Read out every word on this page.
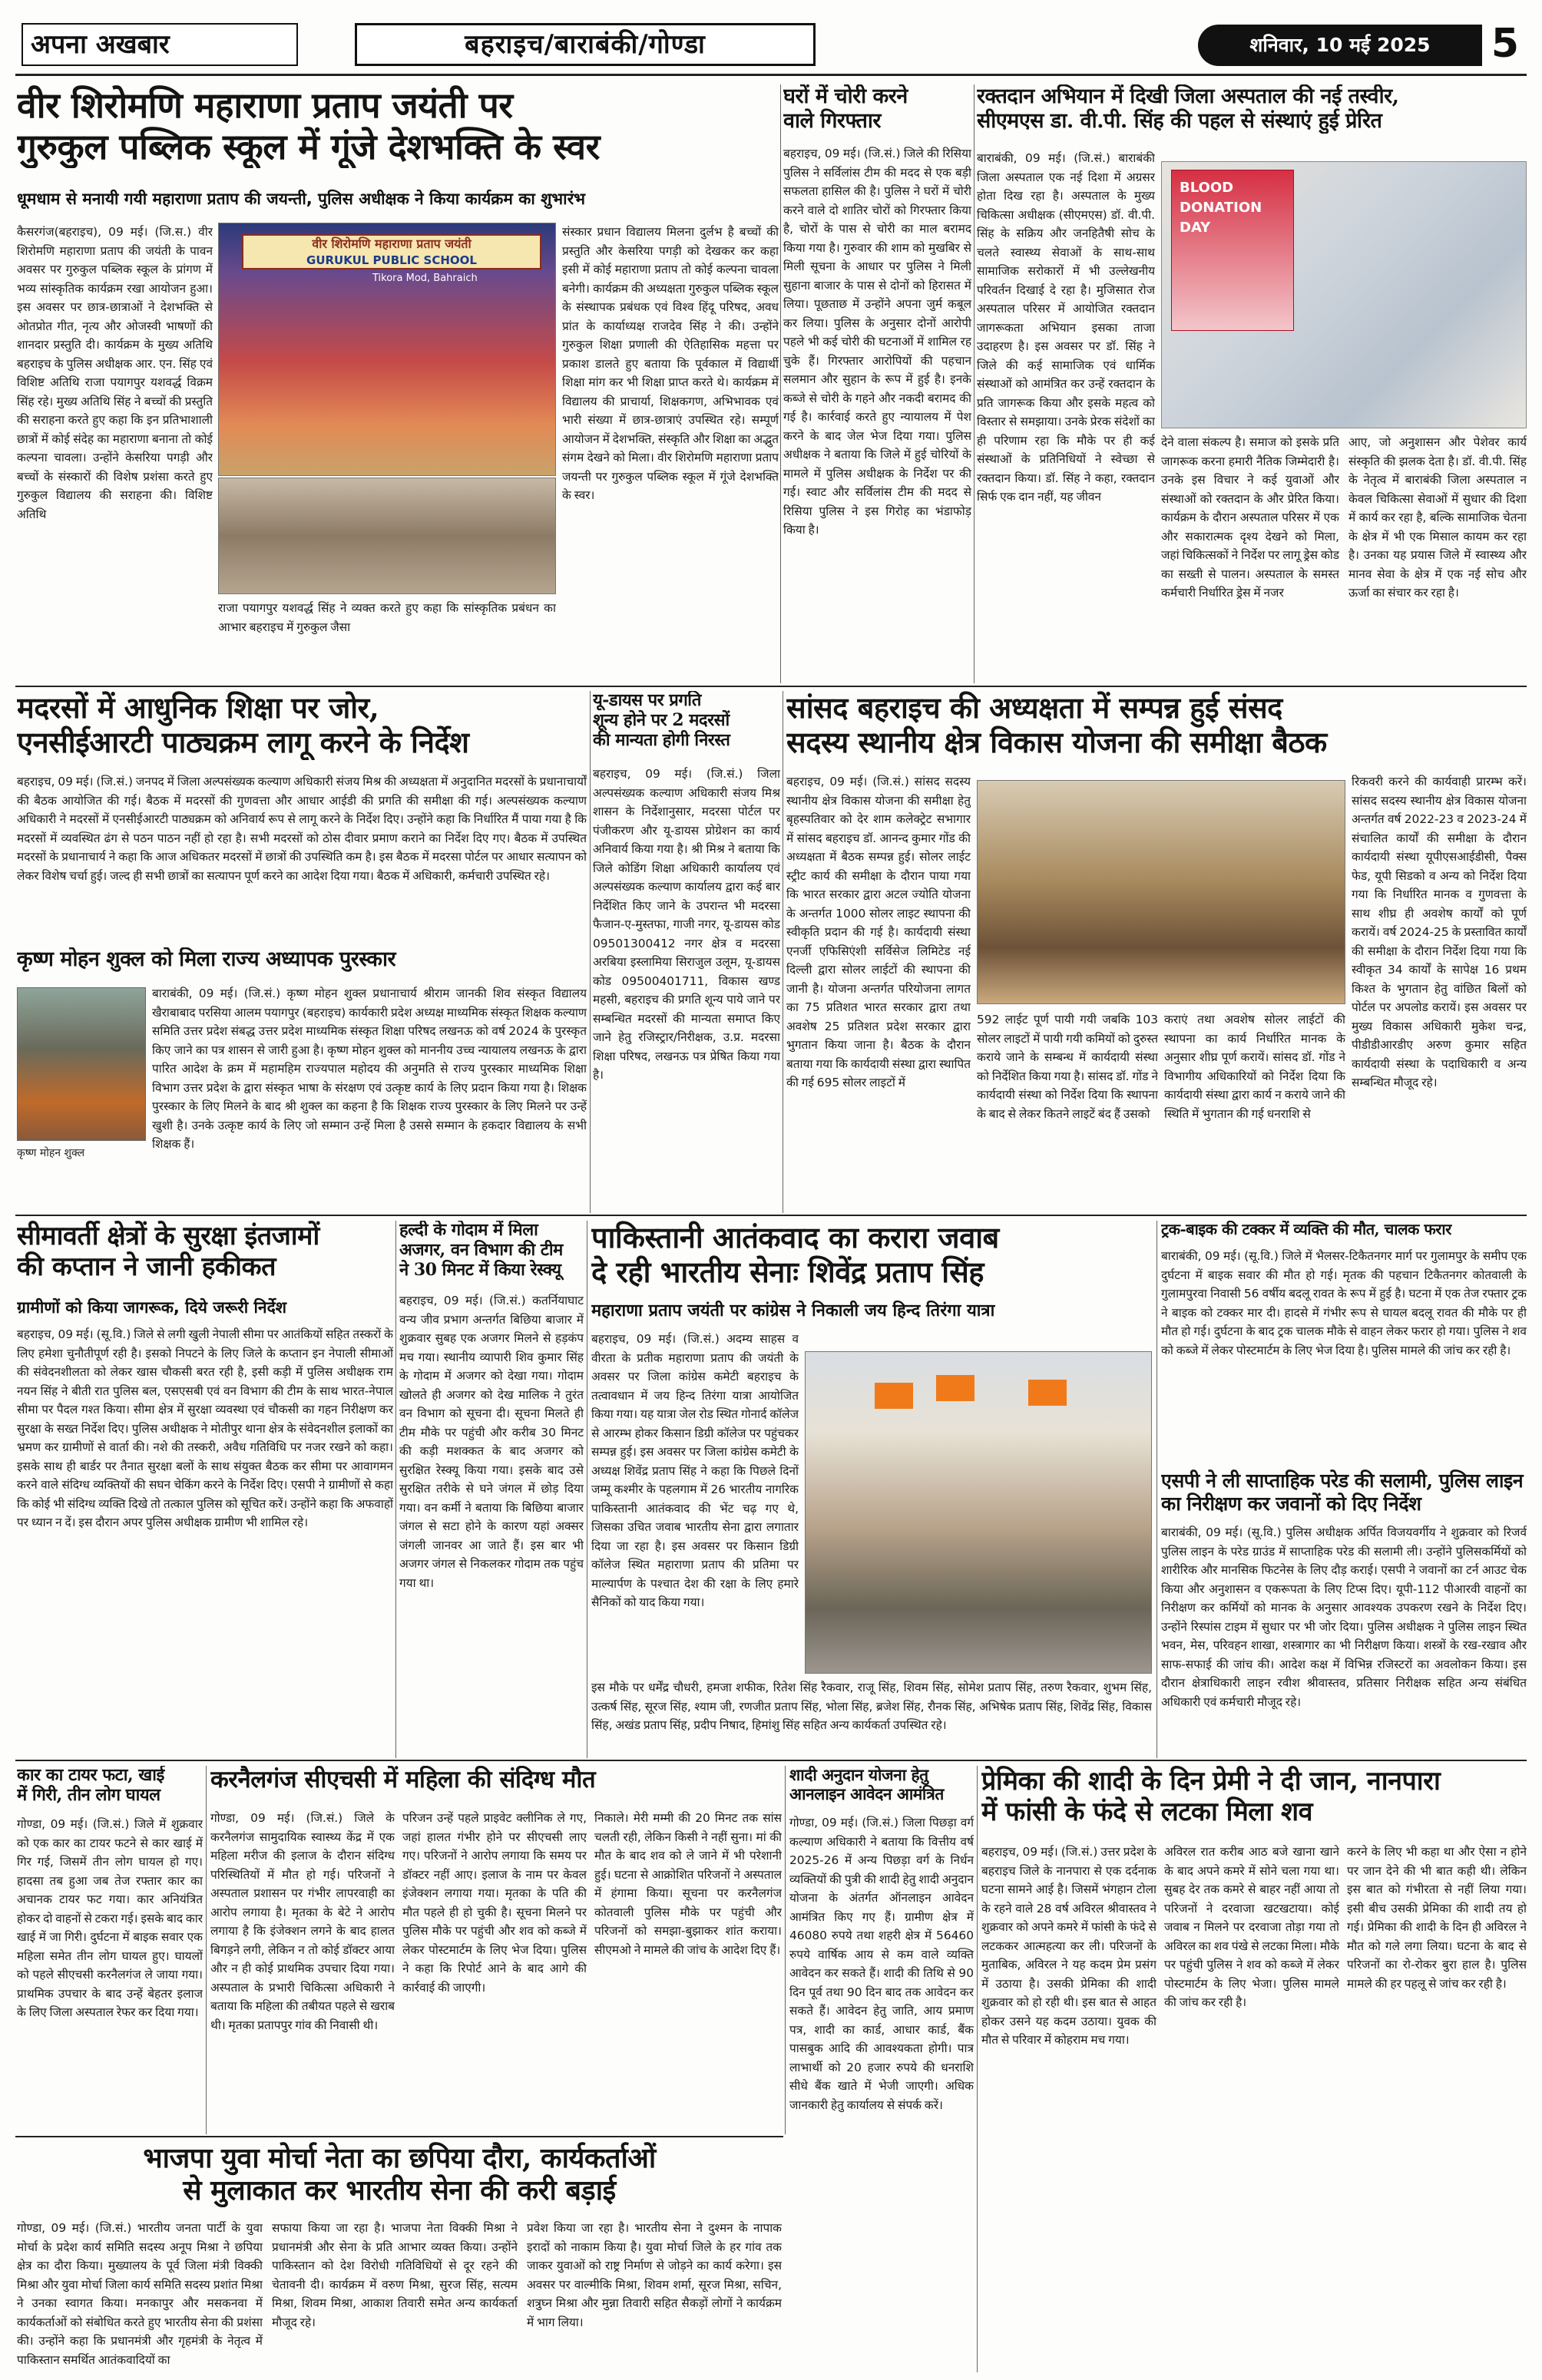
अपना अखबार	बहराइच/बाराबंकी/गोण्डा	शनिवार, 10 मई 2025	5
वीर शिरोमणि महाराणा प्रताप जयंती पर
गुरुकुल पब्लिक स्कूल में गूंजे देशभक्ति के स्वर
धूमधाम से मनायी गयी महाराणा प्रताप की जयन्ती, पुलिस अधीक्षक ने किया कार्यक्रम का शुभारंभ
कैसरगंज(बहराइच), 09 मई। (जि.स.) वीर शिरोमणि महाराणा प्रताप की जयंती के पावन अवसर पर गुरुकुल पब्लिक स्कूल के प्रांगण में भव्य सांस्कृतिक कार्यक्रम रखा आयोजन हुआ। इस अवसर पर छात्र-छात्राओं ने देशभक्ति से ओतप्रोत गीत, नृत्य और ओजस्वी भाषणों की शानदार प्रस्तुति दी। कार्यक्रम के मुख्य अतिथि बहराइच के पुलिस अधीक्षक आर. एन. सिंह एवं विशिष्ट अतिथि राजा पयागपुर यशवर्द्ध विक्रम सिंह रहे। मुख्य अतिथि सिंह ने बच्चों की प्रस्तुति की सराहना करते हुए कहा कि इन प्रतिभाशाली छात्रों में कोई संदेह का महाराणा बनाना तो कोई कल्पना चावला। उन्होंने केसरिया पगड़ी और बच्चों के संस्कारों की विशेष प्रशंसा करते हुए गुरुकुल विद्यालय की सराहना की। विशिष्ट अतिथि
वीर शिरोमणि महाराणा प्रताप जयंती
GURUKUL PUBLIC SCHOOL
Tikora Mod, Bahraich
राजा पयागपुर यशवर्द्ध सिंह ने व्यक्त करते हुए कहा कि सांस्कृतिक प्रबंधन का आभार बहराइच में गुरुकुल जैसा
संस्कार प्रधान विद्यालय मिलना दुर्लभ है बच्चों की प्रस्तुति और केसरिया पगड़ी को देखकर कर कहा इसी में कोई महाराणा प्रताप तो कोई कल्पना चावला बनेगी। कार्यक्रम की अध्यक्षता गुरुकुल पब्लिक स्कूल के संस्थापक प्रबंधक एवं विश्व हिंदू परिषद, अवध प्रांत के कार्याध्यक्ष राजदेव सिंह ने की। उन्होंने गुरुकुल शिक्षा प्रणाली की ऐतिहासिक महत्ता पर प्रकाश डालते हुए बताया कि पूर्वकाल में विद्यार्थी शिक्षा मांग कर भी शिक्षा प्राप्त करते थे। कार्यक्रम में विद्यालय की प्राचार्या, शिक्षकगण, अभिभावक एवं भारी संख्या में छात्र-छात्राएं उपस्थित रहे। सम्पूर्ण आयोजन में देशभक्ति, संस्कृति और शिक्षा का अद्भुत संगम देखने को मिला। वीर शिरोमणि महाराणा प्रताप जयन्ती पर गुरुकुल पब्लिक स्कूल में गूंजे देशभक्ति के स्वर।
घरों में चोरी करने
वाले गिरफ्तार
बहराइच, 09 मई। (जि.सं.) जिले की रिसिया पुलिस ने सर्विलांस टीम की मदद से एक बड़ी सफलता हासिल की है। पुलिस ने घरों में चोरी करने वाले दो शातिर चोरों को गिरफ्तार किया है, चोरों के पास से चोरी का माल बरामद किया गया है। गुरुवार की शाम को मुखबिर से मिली सूचना के आधार पर पुलिस ने मिली सुहाना बाजार के पास से दोनों को हिरासत में लिया। पूछताछ में उन्होंने अपना जुर्म कबूल कर लिया। पुलिस के अनुसार दोनों आरोपी पहले भी कई चोरी की घटनाओं में शामिल रह चुके हैं। गिरफ्तार आरोपियों की पहचान सलमान और सुहान के रूप में हुई है। इनके कब्जे से चोरी के गहने और नकदी बरामद की गई है। कार्रवाई करते हुए न्यायालय में पेश करने के बाद जेल भेज दिया गया। पुलिस अधीक्षक ने बताया कि जिले में हुई चोरियों के मामले में पुलिस अधीक्षक के निर्देश पर की गई। स्वाट और सर्विलांस टीम की मदद से रिसिया पुलिस ने इस गिरोह का भंडाफोड़ किया है।
रक्तदान अभियान में दिखी जिला अस्पताल की नई तस्वीर,
सीएमएस डा. वी.पी. सिंह की पहल से संस्थाएं हुई प्रेरित
बाराबंकी, 09 मई। (जि.सं.) बाराबंकी जिला अस्पताल एक नई दिशा में अग्रसर होता दिख रहा है। अस्पताल के मुख्य चिकित्सा अधीक्षक (सीएमएस) डॉ. वी.पी. सिंह के सक्रिय और जनहितैषी सोच के चलते स्वास्थ्य सेवाओं के साथ-साथ सामाजिक सरोकारों में भी उल्लेखनीय परिवर्तन दिखाई दे रहा है। मुजिसात रोज अस्पताल परिसर में आयोजित रक्तदान जागरूकता अभियान इसका ताजा उदाहरण है। इस अवसर पर डॉ. सिंह ने जिले की कई सामाजिक एवं धार्मिक संस्थाओं को आमंत्रित कर उन्हें रक्तदान के प्रति जागरूक किया और इसके महत्व को विस्तार से समझाया। उनके प्रेरक संदेशों का ही परिणाम रहा कि मौके पर ही कई संस्थाओं के प्रतिनिधियों ने स्वेच्छा से रक्तदान किया। डॉ. सिंह ने कहा, रक्तदान सिर्फ एक दान नहीं, यह जीवन
BLOOD DONATION DAY
देने वाला संकल्प है। समाज को इसके प्रति जागरूक करना हमारी नैतिक जिम्मेदारी है। उनके इस विचार ने कई युवाओं और संस्थाओं को रक्तदान के और प्रेरित किया। कार्यक्रम के दौरान अस्पताल परिसर में एक और सकारात्मक दृश्य देखने को मिला, जहां चिकित्सकों ने निर्देश पर लागू ड्रेस कोड का सख्ती से पालन। अस्पताल के समस्त कर्मचारी निर्धारित ड्रेस में नजर
आए, जो अनुशासन और पेशेवर कार्य संस्कृति की झलक देता है। डॉ. वी.पी. सिंह के नेतृत्व में बाराबंकी जिला अस्पताल न केवल चिकित्सा सेवाओं में सुधार की दिशा में कार्य कर रहा है, बल्कि सामाजिक चेतना के क्षेत्र में भी एक मिसाल कायम कर रहा है। उनका यह प्रयास जिले में स्वास्थ्य और मानव सेवा के क्षेत्र में एक नई सोच और ऊर्जा का संचार कर रहा है।
मदरसों में आधुनिक शिक्षा पर जोर,
एनसीईआरटी पाठ्यक्रम लागू करने के निर्देश
बहराइच, 09 मई। (जि.सं.) जनपद में जिला अल्पसंख्यक कल्याण अधिकारी संजय मिश्र की अध्यक्षता में अनुदानित मदरसों के प्रधानाचार्यों की बैठक आयोजित की गई। बैठक में मदरसों की गुणवत्ता और आधार आईडी की प्रगति की समीक्षा की गई। अल्पसंख्यक कल्याण अधिकारी ने मदरसों में एनसीईआरटी पाठ्यक्रम को अनिवार्य रूप से लागू करने के निर्देश दिए। उन्होंने कहा कि निर्धारित मैं पाया गया है कि मदरसों में व्यवस्थित ढंग से पठन पाठन नहीं हो रहा है। सभी मदरसों को ठोस दीवार प्रमाण कराने का निर्देश दिए गए। बैठक में उपस्थित मदरसों के प्रधानाचार्य ने कहा कि आज अधिकतर मदरसों में छात्रों की उपस्थिति कम है। इस बैठक में मदरसा पोर्टल पर आधार सत्यापन को लेकर विशेष चर्चा हुई। जल्द ही सभी छात्रों का सत्यापन पूर्ण करने का आदेश दिया गया। बैठक में अधिकारी, कर्मचारी उपस्थित रहे।
कृष्ण मोहन शुक्ल को मिला राज्य अध्यापक पुरस्कार
कृष्ण मोहन शुक्ल
बाराबंकी, 09 मई। (जि.सं.) कृष्ण मोहन शुक्ल प्रधानाचार्य श्रीराम जानकी शिव संस्कृत विद्यालय खैराबाबाद परसिया आलम पयागपुर (बहराइच) कार्यकारी प्रदेश अध्यक्ष माध्यमिक संस्कृत शिक्षक कल्याण समिति उत्तर प्रदेश संबद्ध उत्तर प्रदेश माध्यमिक संस्कृत शिक्षा परिषद लखनऊ को वर्ष 2024 के पुरस्कृत किए जाने का पत्र शासन से जारी हुआ है। कृष्ण मोहन शुक्ल को माननीय उच्च न्यायालय लखनऊ के द्वारा पारित आदेश के क्रम में महामहिम राज्यपाल महोदय की अनुमति से राज्य पुरस्कार माध्यमिक शिक्षा विभाग उत्तर प्रदेश के द्वारा संस्कृत भाषा के संरक्षण एवं उत्कृष्ट कार्य के लिए प्रदान किया गया है। शिक्षक पुरस्कार के लिए मिलने के बाद श्री शुक्ल का कहना है कि शिक्षक राज्य पुरस्कार के लिए मिलने पर उन्हें खुशी है। उनके उत्कृष्ट कार्य के लिए जो सम्मान उन्हें मिला है उससे सम्मान के हकदार विद्यालय के सभी शिक्षक हैं।
यू-डायस पर प्रगति
शून्य होने पर 2 मदरसों
की मान्यता होगी निरस्त
बहराइच, 09 मई। (जि.सं.) जिला अल्पसंख्यक कल्याण अधिकारी संजय मिश्र शासन के निर्देशानुसार, मदरसा पोर्टल पर पंजीकरण और यू-डायस प्रोग्रेशन का कार्य अनिवार्य किया गया है। श्री मिश्र ने बताया कि जिले कोडिंग शिक्षा अधिकारी कार्यालय एवं अल्पसंख्यक कल्याण कार्यालय द्वारा कई बार निर्देशित किए जाने के उपरान्त भी मदरसा फैजान-ए-मुस्तफा, गाजी नगर, यू-डायस कोड 09501300412 नगर क्षेत्र व मदरसा अरबिया इस्लामिया सिराजुल उलूम, यू-डायस कोड 09500401711, विकास खण्ड महसी, बहराइच की प्रगति शून्य पाये जाने पर सम्बन्धित मदरसों की मान्यता समाप्त किए जाने हेतु रजिस्ट्रार/निरीक्षक, उ.प्र. मदरसा शिक्षा परिषद, लखनऊ पत्र प्रेषित किया गया है।
सांसद बहराइच की अध्यक्षता में सम्पन्न हुई संसद
सदस्य स्थानीय क्षेत्र विकास योजना की समीक्षा बैठक
बहराइच, 09 मई। (जि.सं.) सांसद सदस्य स्थानीय क्षेत्र विकास योजना की समीक्षा हेतु बृहस्पतिवार को देर शाम कलेक्ट्रेट सभागार में सांसद बहराइच डॉ. आनन्द कुमार गोंड की अध्यक्षता में बैठक सम्पन्न हुई। सोलर लाईट स्ट्रीट कार्य की समीक्षा के दौरान पाया गया कि भारत सरकार द्वारा अटल ज्योति योजना के अन्तर्गत 1000 सोलर लाइट स्थापना की स्वीकृति प्रदान की गई है। कार्यदायी संस्था एनर्जी एफिसिएंशी सर्विसेज लिमिटेड नई दिल्ली द्वारा सोलर लाईटों की स्थापना की जानी है। योजना अन्तर्गत परियोजना लागत का 75 प्रतिशत भारत सरकार द्वारा तथा अवशेष 25 प्रतिशत प्रदेश सरकार द्वारा भुगतान किया जाना है। बैठक के दौरान बताया गया कि कार्यदायी संस्था द्वारा स्थापित की गई 695 सोलर लाइटों में
592 लाईट पूर्ण पायी गयी जबकि 103 सोलर लाइटों में पायी गयी कमियों को दुरुस्त कराये जाने के सम्बन्ध में कार्यदायी संस्था को निर्देशित किया गया है। सांसद डॉ. गोंड ने कार्यदायी संस्था को निर्देश दिया कि स्थापना के बाद से लेकर कितने लाइटें बंद हैं उसको
कराएं तथा अवशेष सोलर लाईटों की स्थापना का कार्य निर्धारित मानक के अनुसार शीघ्र पूर्ण करायें। सांसद डॉ. गोंड ने विभागीय अधिकारियों को निर्देश दिया कि कार्यदायी संस्था द्वारा कार्य न कराये जाने की स्थिति में भुगतान की गई धनराशि से
रिकवरी करने की कार्यवाही प्रारम्भ करें। सांसद सदस्य स्थानीय क्षेत्र विकास योजना अन्तर्गत वर्ष 2022-23 व 2023-24 में संचालित कार्यों की समीक्षा के दौरान कार्यदायी संस्था यूपीएसआईडीसी, पैक्स फेड, यूपी सिडको व अन्य को निर्देश दिया गया कि निर्धारित मानक व गुणवत्ता के साथ शीघ्र ही अवशेष कार्यों को पूर्ण करायें। वर्ष 2024-25 के प्रस्तावित कार्यों की समीक्षा के दौरान निर्देश दिया गया कि स्वीकृत 34 कार्यों के सापेक्ष 16 प्रथम किश्त के भुगतान हेतु वांछित बिलों को पोर्टल पर अपलोड करायें। इस अवसर पर मुख्य विकास अधिकारी मुकेश चन्द्र, पीडीडीआरडीए अरुण कुमार सहित कार्यदायी संस्था के पदाधिकारी व अन्य सम्बन्धित मौजूद रहे।
सीमावर्ती क्षेत्रों के सुरक्षा इंतजामों
की कप्तान ने जानी हकीकत
ग्रामीणों को किया जागरूक, दिये जरूरी निर्देश
बहराइच, 09 मई। (सू.वि.) जिले से लगी खुली नेपाली सीमा पर आतंकियों सहित तस्करों के लिए हमेशा चुनौतीपूर्ण रही है। इसको निपटने के लिए जिले के कप्तान इन नेपाली सीमाओं की संवेदनशीलता को लेकर खास चौकसी बरत रही है, इसी कड़ी में पुलिस अधीक्षक राम नयन सिंह ने बीती रात पुलिस बल, एसएसबी एवं वन विभाग की टीम के साथ भारत-नेपाल सीमा पर पैदल गश्त किया। सीमा क्षेत्र में सुरक्षा व्यवस्था एवं चौकसी का गहन निरीक्षण कर सुरक्षा के सख्त निर्देश दिए। पुलिस अधीक्षक ने मोतीपुर थाना क्षेत्र के संवेदनशील इलाकों का भ्रमण कर ग्रामीणों से वार्ता की। नशे की तस्करी, अवैध गतिविधि पर नजर रखने को कहा। इसके साथ ही बार्डर पर तैनात सुरक्षा बलों के साथ संयुक्त बैठक कर सीमा पर आवागमन करने वाले संदिग्ध व्यक्तियों की सघन चेकिंग करने के निर्देश दिए। एसपी ने ग्रामीणों से कहा कि कोई भी संदिग्ध व्यक्ति दिखे तो तत्काल पुलिस को सूचित करें। उन्होंने कहा कि अफवाहों पर ध्यान न दें। इस दौरान अपर पुलिस अधीक्षक ग्रामीण भी शामिल रहे।
हल्दी के गोदाम में मिला
अजगर, वन विभाग की टीम
ने 30 मिनट में किया रेस्क्यू
बहराइच, 09 मई। (जि.सं.) कतर्नियाघाट वन्य जीव प्रभाग अन्तर्गत बिछिया बाजार में शुक्रवार सुबह एक अजगर मिलने से हड़कंप मच गया। स्थानीय व्यापारी शिव कुमार सिंह के गोदाम में अजगर को देखा गया। गोदाम खोलते ही अजगर को देख मालिक ने तुरंत वन विभाग को सूचना दी। सूचना मिलते ही टीम मौके पर पहुंची और करीब 30 मिनट की कड़ी मशक्कत के बाद अजगर को सुरक्षित रेस्क्यू किया गया। इसके बाद उसे सुरक्षित तरीके से घने जंगल में छोड़ दिया गया। वन कर्मी ने बताया कि बिछिया बाजार जंगल से सटा होने के कारण यहां अक्सर जंगली जानवर आ जाते हैं। इस बार भी अजगर जंगल से निकलकर गोदाम तक पहुंच गया था।
पाकिस्तानी आतंकवाद का करारा जवाब
दे रही भारतीय सेनाः शिवेंद्र प्रताप सिंह
महाराणा प्रताप जयंती पर कांग्रेस ने निकाली जय हिन्द तिरंगा यात्रा
बहराइच, 09 मई। (जि.सं.) अदम्य साहस व वीरता के प्रतीक महाराणा प्रताप की जयंती के अवसर पर जिला कांग्रेस कमेटी बहराइच के तत्वावधान में जय हिन्द तिरंगा यात्रा आयोजित किया गया। यह यात्रा जेल रोड स्थित गोनार्द कॉलेज से आरम्भ होकर किसान डिग्री कॉलेज पर पहुंचकर सम्पन्न हुई। इस अवसर पर जिला कांग्रेस कमेटी के अध्यक्ष शिवेंद्र प्रताप सिंह ने कहा कि पिछले दिनों जम्मू कश्मीर के पहलगाम में 26 भारतीय नागरिक पाकिस्तानी आतंकवाद की भेंट चढ़ गए थे, जिसका उचित जवाब भारतीय सेना द्वारा लगातार दिया जा रहा है। इस अवसर पर किसान डिग्री कॉलेज स्थित महाराणा प्रताप की प्रतिमा पर माल्यार्पण के पश्चात देश की रक्षा के लिए हमारे सैनिकों को याद किया गया।
इस मौके पर धर्मेंद्र चौधरी, हमजा शफीक, रितेश सिंह रैकवार, राजू सिंह, शिवम सिंह, सोमेश प्रताप सिंह, तरुण रैकवार, शुभम सिंह, उत्कर्ष सिंह, सूरज सिंह, श्याम जी, रणजीत प्रताप सिंह, भोला सिंह, ब्रजेश सिंह, रौनक सिंह, अभिषेक प्रताप सिंह, शिवेंद्र सिंह, विकास सिंह, अखंड प्रताप सिंह, प्रदीप निषाद, हिमांशु सिंह सहित अन्य कार्यकर्ता उपस्थित रहे।
ट्रक-बाइक की टक्कर में व्यक्ति की मौत, चालक फरार
बाराबंकी, 09 मई। (सू.वि.) जिले में भैलसर-टिकैतनगर मार्ग पर गुलामपुर के समीप एक दुर्घटना में बाइक सवार की मौत हो गई। मृतक की पहचान टिकैतनगर कोतवाली के गुलामपुरवा निवासी 56 वर्षीय बदलू रावत के रूप में हुई है। घटना में एक तेज रफ्तार ट्रक ने बाइक को टक्कर मार दी। हादसे में गंभीर रूप से घायल बदलू रावत की मौके पर ही मौत हो गई। दुर्घटना के बाद ट्रक चालक मौके से वाहन लेकर फरार हो गया। पुलिस ने शव को कब्जे में लेकर पोस्टमार्टम के लिए भेज दिया है। पुलिस मामले की जांच कर रही है।
एसपी ने ली साप्ताहिक परेड की सलामी, पुलिस लाइन
का निरीक्षण कर जवानों को दिए निर्देश
बाराबंकी, 09 मई। (सू.वि.) पुलिस अधीक्षक अर्पित विजयवर्गीय ने शुक्रवार को रिजर्व पुलिस लाइन के परेड ग्राउंड में साप्ताहिक परेड की सलामी ली। उन्होंने पुलिसकर्मियों को शारीरिक और मानसिक फिटनेस के लिए दौड़ कराई। एसपी ने जवानों का टर्न आउट चेक किया और अनुशासन व एकरूपता के लिए टिप्स दिए। यूपी-112 पीआरवी वाहनों का निरीक्षण कर कर्मियों को मानक के अनुसार आवश्यक उपकरण रखने के निर्देश दिए। उन्होंने रिस्पांस टाइम में सुधार पर भी जोर दिया। पुलिस अधीक्षक ने पुलिस लाइन स्थित भवन, मेस, परिवहन शाखा, शस्त्रागार का भी निरीक्षण किया। शस्त्रों के रख-रखाव और साफ-सफाई की जांच की। आदेश कक्ष में विभिन्न रजिस्टरों का अवलोकन किया। इस दौरान क्षेत्राधिकारी लाइन रवीश श्रीवास्तव, प्रतिसार निरीक्षक सहित अन्य संबंधित अधिकारी एवं कर्मचारी मौजूद रहे।
कार का टायर फटा, खाई
में गिरी, तीन लोग घायल
गोण्डा, 09 मई। (जि.सं.) जिले में शुक्रवार को एक कार का टायर फटने से कार खाई में गिर गई, जिसमें तीन लोग घायल हो गए। हादसा तब हुआ जब तेज रफ्तार कार का अचानक टायर फट गया। कार अनियंत्रित होकर दो वाहनों से टकरा गई। इसके बाद कार खाई में जा गिरी। दुर्घटना में बाइक सवार एक महिला समेत तीन लोग घायल हुए। घायलों को पहले सीएचसी करनैलगंज ले जाया गया। प्राथमिक उपचार के बाद उन्हें बेहतर इलाज के लिए जिला अस्पताल रेफर कर दिया गया।
करनैलगंज सीएचसी में महिला की संदिग्ध मौत
गोण्डा, 09 मई। (जि.सं.) जिले के करनैलगंज सामुदायिक स्वास्थ्य केंद्र में एक महिला मरीज की इलाज के दौरान संदिग्ध परिस्थितियों में मौत हो गई। परिजनों ने अस्पताल प्रशासन पर गंभीर लापरवाही का आरोप लगाया है। मृतका के बेटे ने आरोप लगाया है कि इंजेक्शन लगने के बाद हालत बिगड़ने लगी, लेकिन न तो कोई डॉक्टर आया और न ही कोई प्राथमिक उपचार दिया गया। अस्पताल के प्रभारी चिकित्सा अधिकारी ने बताया कि महिला की तबीयत पहले से खराब थी। मृतका प्रतापपुर गांव की निवासी थी।
परिजन उन्हें पहले प्राइवेट क्लीनिक ले गए, जहां हालत गंभीर होने पर सीएचसी लाए गए। परिजनों ने आरोप लगाया कि समय पर डॉक्टर नहीं आए। इलाज के नाम पर केवल इंजेक्शन लगाया गया। मृतका के पति की मौत पहले ही हो चुकी है। सूचना मिलने पर पुलिस मौके पर पहुंची और शव को कब्जे में लेकर पोस्टमार्टम के लिए भेज दिया। पुलिस ने कहा कि रिपोर्ट आने के बाद आगे की कार्रवाई की जाएगी।
निकाले। मेरी मम्मी की 20 मिनट तक सांस चलती रही, लेकिन किसी ने नहीं सुना। मां की मौत के बाद शव को ले जाने में भी परेशानी हुई। घटना से आक्रोशित परिजनों ने अस्पताल में हंगामा किया। सूचना पर करनैलगंज कोतवाली पुलिस मौके पर पहुंची और परिजनों को समझा-बुझाकर शांत कराया। सीएमओ ने मामले की जांच के आदेश दिए हैं।
शादी अनुदान योजना हेतु
आनलाइन आवेदन आमंत्रित
गोण्डा, 09 मई। (जि.सं.) जिला पिछड़ा वर्ग कल्याण अधिकारी ने बताया कि वित्तीय वर्ष 2025-26 में अन्य पिछड़ा वर्ग के निर्धन व्यक्तियों की पुत्री की शादी हेतु शादी अनुदान योजना के अंतर्गत ऑनलाइन आवेदन आमंत्रित किए गए हैं। ग्रामीण क्षेत्र में 46080 रुपये तथा शहरी क्षेत्र में 56460 रुपये वार्षिक आय से कम वाले व्यक्ति आवेदन कर सकते हैं। शादी की तिथि से 90 दिन पूर्व तथा 90 दिन बाद तक आवेदन कर सकते हैं। आवेदन हेतु जाति, आय प्रमाण पत्र, शादी का कार्ड, आधार कार्ड, बैंक पासबुक आदि की आवश्यकता होगी। पात्र लाभार्थी को 20 हजार रुपये की धनराशि सीधे बैंक खाते में भेजी जाएगी। अधिक जानकारी हेतु कार्यालय से संपर्क करें।
प्रेमिका की शादी के दिन प्रेमी ने दी जान, नानपारा
में फांसी के फंदे से लटका मिला शव
बहराइच, 09 मई। (जि.सं.) उत्तर प्रदेश के बहराइच जिले के नानपारा से एक दर्दनाक घटना सामने आई है। जिसमें भंगहान टोला के रहने वाले 28 वर्ष अविरल श्रीवास्तव ने शुक्रवार को अपने कमरे में फांसी के फंदे से लटककर आत्महत्या कर ली। परिजनों के मुताबिक, अविरल ने यह कदम प्रेम प्रसंग में उठाया है। उसकी प्रेमिका की शादी शुक्रवार को हो रही थी। इस बात से आहत होकर उसने यह कदम उठाया। युवक की मौत से परिवार में कोहराम मच गया।
अविरल रात करीब आठ बजे खाना खाने के बाद अपने कमरे में सोने चला गया था। सुबह देर तक कमरे से बाहर नहीं आया तो परिजनों ने दरवाजा खटखटाया। कोई जवाब न मिलने पर दरवाजा तोड़ा गया तो अविरल का शव पंखे से लटका मिला। मौके पर पहुंची पुलिस ने शव को कब्जे में लेकर पोस्टमार्टम के लिए भेजा। पुलिस मामले की जांच कर रही है।
करने के लिए भी कहा था और ऐसा न होने पर जान देने की भी बात कही थी। लेकिन इस बात को गंभीरता से नहीं लिया गया। इसी बीच उसकी प्रेमिका की शादी तय हो गई। प्रेमिका की शादी के दिन ही अविरल ने मौत को गले लगा लिया। घटना के बाद से परिजनों का रो-रोकर बुरा हाल है। पुलिस मामले की हर पहलू से जांच कर रही है।
भाजपा युवा मोर्चा नेता का छपिया दौरा, कार्यकर्ताओं
से मुलाकात कर भारतीय सेना की करी बड़ाई
गोण्डा, 09 मई। (जि.सं.) भारतीय जनता पार्टी के युवा मोर्चा के प्रदेश कार्य समिति सदस्य अनूप मिश्रा ने छपिया क्षेत्र का दौरा किया। मुख्यालय के पूर्व जिला मंत्री विक्की मिश्रा और युवा मोर्चा जिला कार्य समिति सदस्य प्रशांत मिश्रा ने उनका स्वागत किया। मनकापुर और मसकनवा में कार्यकर्ताओं को संबोधित करते हुए भारतीय सेना की प्रशंसा की। उन्होंने कहा कि प्रधानमंत्री और गृहमंत्री के नेतृत्व में पाकिस्तान समर्थित आतंकवादियों का
सफाया किया जा रहा है। भाजपा नेता विक्की मिश्रा ने प्रधानमंत्री और सेना के प्रति आभार व्यक्त किया। उन्होंने पाकिस्तान को देश विरोधी गतिविधियों से दूर रहने की चेतावनी दी। कार्यक्रम में वरुण मिश्रा, सुरज सिंह, सत्यम मिश्रा, शिवम मिश्रा, आकाश तिवारी समेत अन्य कार्यकर्ता मौजूद रहे।
प्रवेश किया जा रहा है। भारतीय सेना ने दुश्मन के नापाक इरादों को नाकाम किया है। युवा मोर्चा जिले के हर गांव तक जाकर युवाओं को राष्ट्र निर्माण से जोड़ने का कार्य करेगा। इस अवसर पर वाल्मीकि मिश्रा, शिवम शर्मा, सूरज मिश्रा, सचिन, शत्रुघ्न मिश्रा और मुन्ना तिवारी सहित सैकड़ों लोगों ने कार्यक्रम में भाग लिया।
